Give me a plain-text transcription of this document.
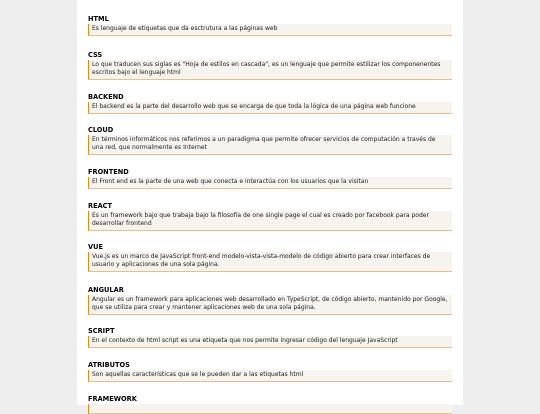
HTML
Es lenguaje de etiquetas que da esctrutura a las páginas web
CSS
Lo que traducen sus siglas es "Hoja de estilos en cascada", es un lenguaje que permite estilizar los componenentes escritos bajo el lenguaje html
BACKEND
El backend es la parte del desarrollo web que se encarga de que toda la lógica de una página web funcione
CLOUD
En términos informáticos nos referimos a un paradigma que permite ofrecer servicios de computación a través de una red, que normalmente es Internet
FRONTEND
El Front end es la parte de una web que conecta e interactúa con los usuarios que la visitan
REACT
Es un framework bajo que trabaja bajo la filosofía de one single page el cual es creado por facebook para poder desarrollar frontend
VUE
Vue.js es un marco de JavaScript front-end modelo-vista-vista-modelo de código abierto para crear interfaces de usuario y aplicaciones de una sola página.
ANGULAR
Angular es un framework para aplicaciones web desarrollado en TypeScript, de código abierto, mantenido por Google, que se utiliza para crear y mantener aplicaciones web de una sola página.
SCRIPT
En el contexto de html script es una etiqueta que nos permite ingresar código del lenguaje JavaScript
ATRIBUTOS
Son aquellas características que se le pueden dar a las etiquetas html
FRAMEWORK
